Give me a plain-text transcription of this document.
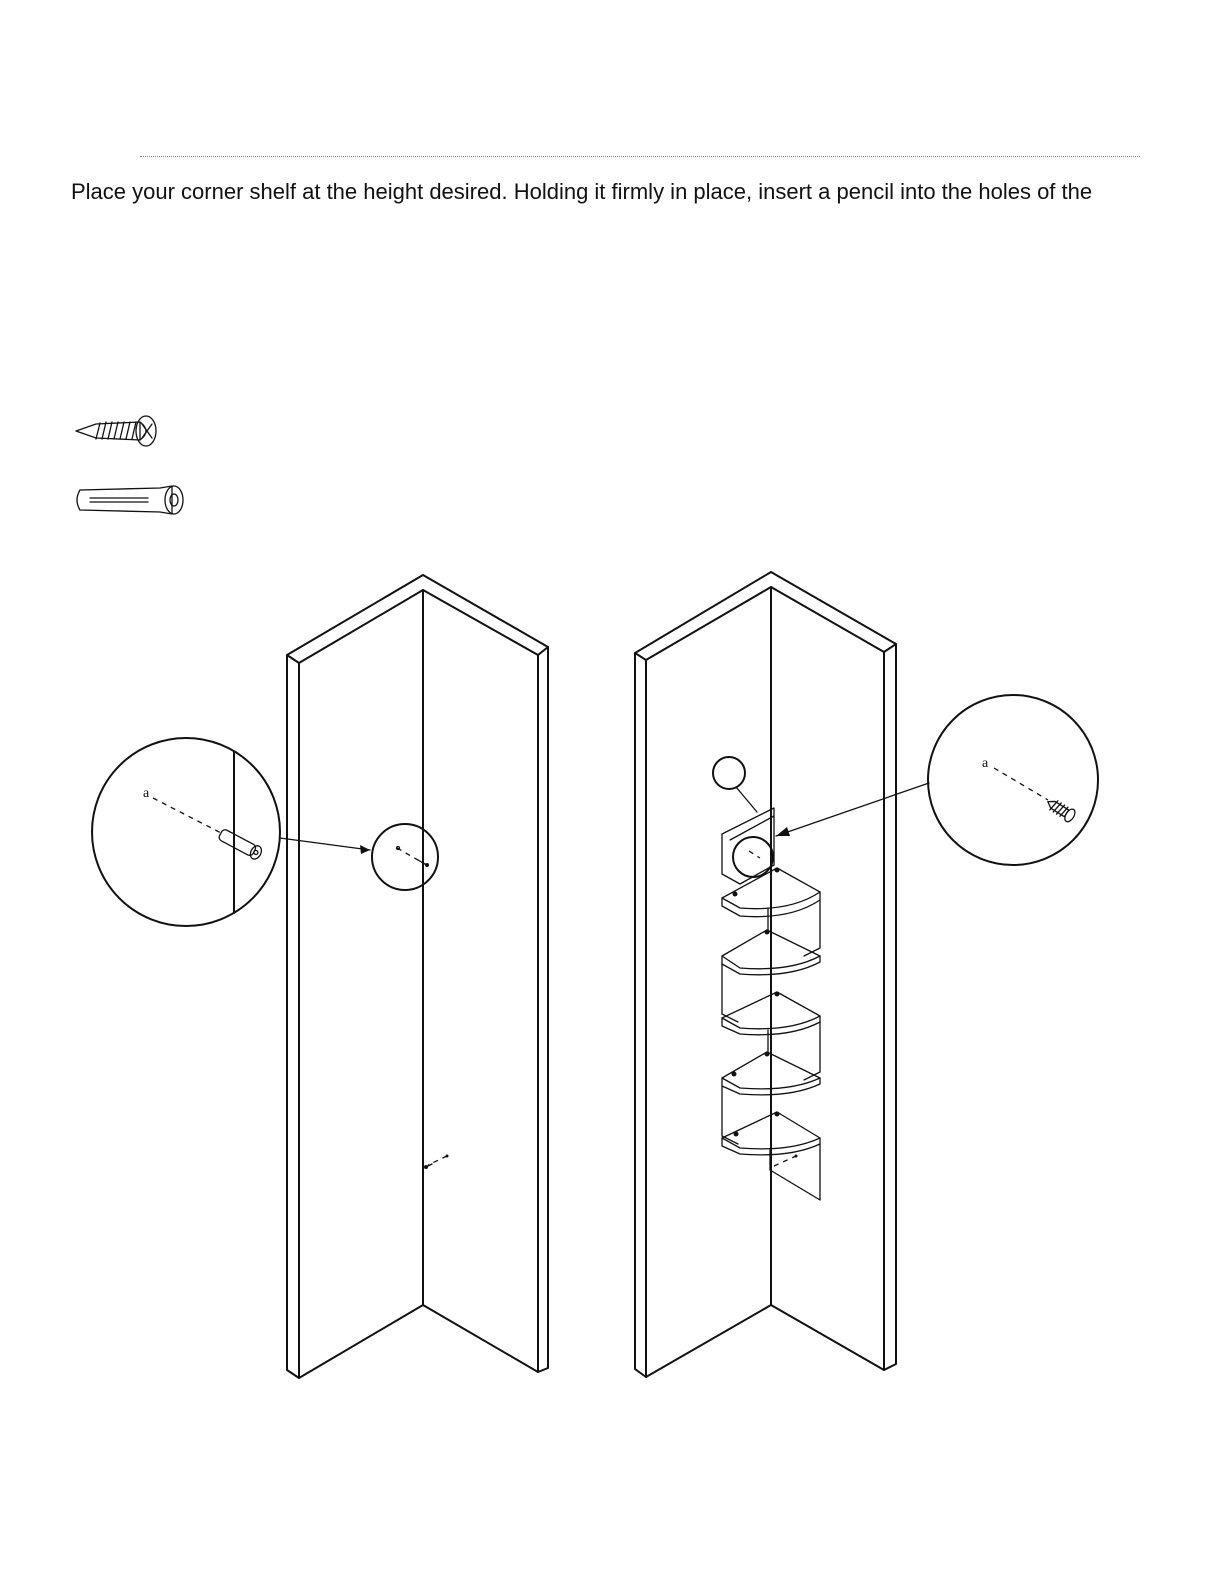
Place your corner shelf at the height desired. Holding it firmly in place, insert a pencil into the holes of the
a
a
